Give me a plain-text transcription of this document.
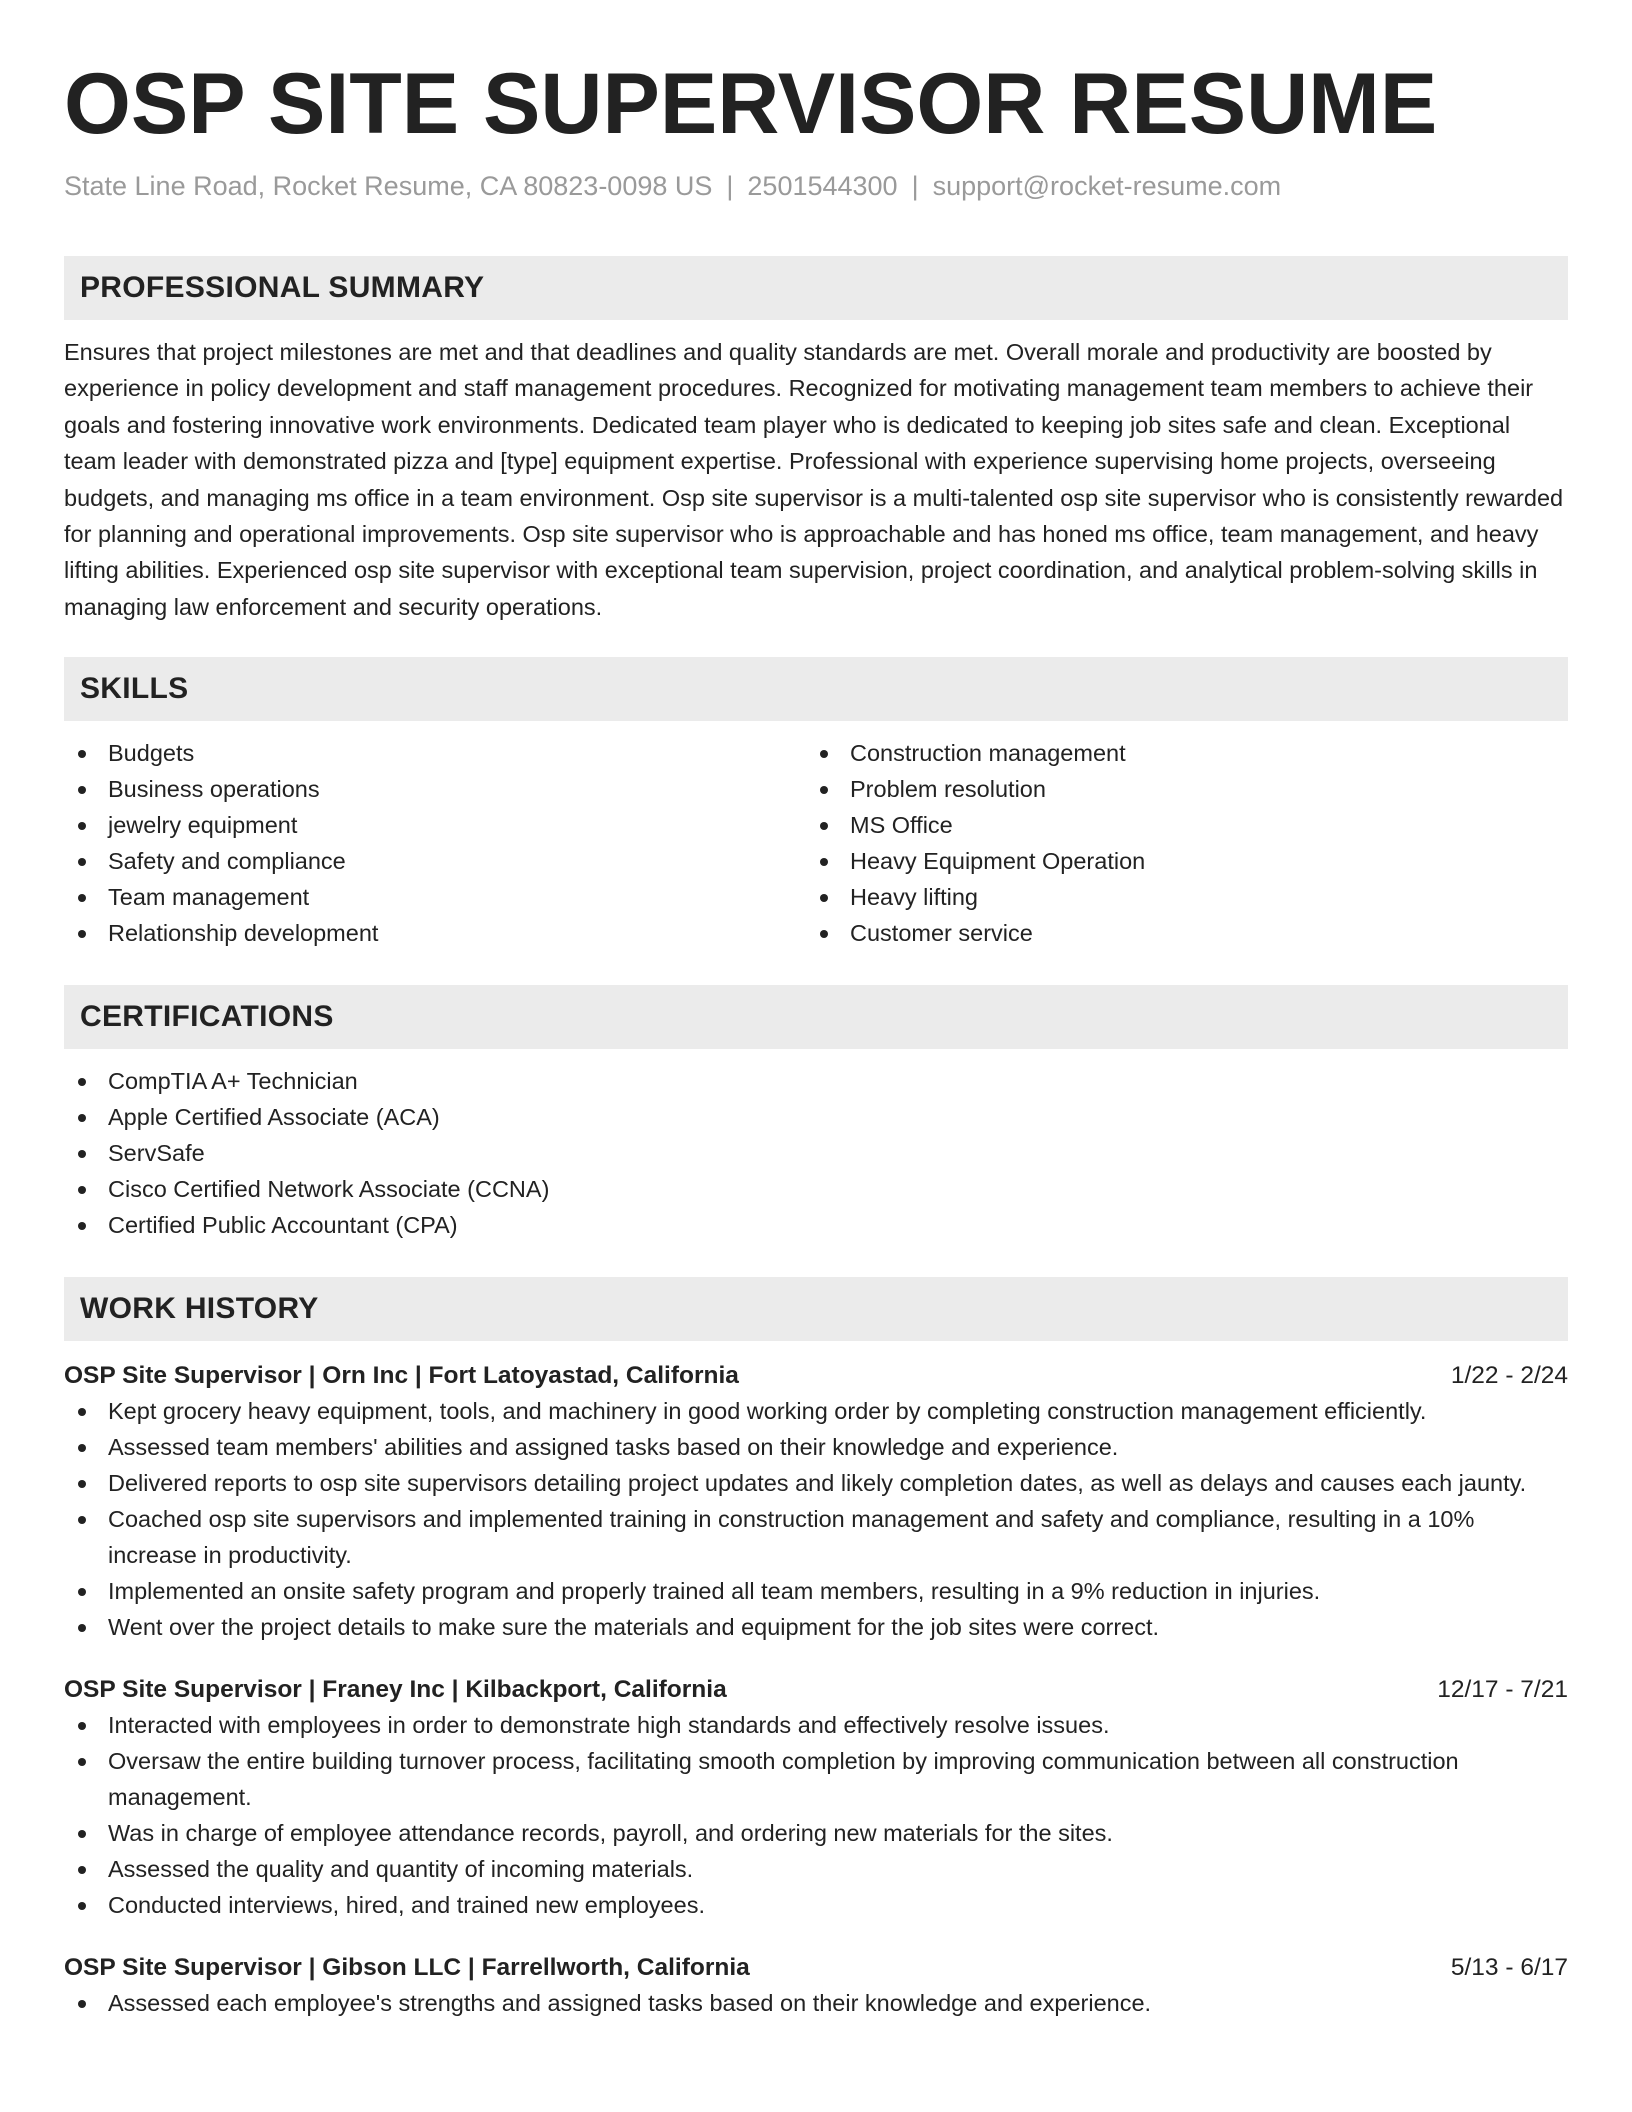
OSP SITE SUPERVISOR RESUME
State Line Road, Rocket Resume, CA 80823-0098 US | 2501544300 | support@rocket-resume.com
PROFESSIONAL SUMMARY

Ensures that project milestones are met and that deadlines and quality standards are met. Overall morale and productivity are boosted by experience in policy development and staff management procedures. Recognized for motivating management team members to achieve their goals and fostering innovative work environments. Dedicated team player who is dedicated to keeping job sites safe and clean. Exceptional team leader with demonstrated pizza and [type] equipment expertise. Professional with experience supervising home projects, overseeing budgets, and managing ms office in a team environment. Osp site supervisor is a multi-talented osp site supervisor who is consistently rewarded for planning and operational improvements. Osp site supervisor who is approachable and has honed ms office, team management, and heavy lifting abilities. Experienced osp site supervisor with exceptional team supervision, project coordination, and analytical problem-solving skills in managing law enforcement and security operations.

SKILLS
Budgets
Business operations
jewelry equipment
Safety and compliance
Team management
Relationship development
Construction management
Problem resolution
MS Office
Heavy Equipment Operation
Heavy lifting
Customer service
CERTIFICATIONS
CompTIA A+ Technician
Apple Certified Associate (ACA)
ServSafe
Cisco Certified Network Associate (CCNA)
Certified Public Accountant (CPA)
WORK HISTORY
OSP Site Supervisor | Orn Inc | Fort Latoyastad, California	1/22 - 2/24
Kept grocery heavy equipment, tools, and machinery in good working order by completing construction management efficiently.
Assessed team members' abilities and assigned tasks based on their knowledge and experience.
Delivered reports to osp site supervisors detailing project updates and likely completion dates, as well as delays and causes each jaunty.
Coached osp site supervisors and implemented training in construction management and safety and compliance, resulting in a 10% increase in productivity.
Implemented an onsite safety program and properly trained all team members, resulting in a 9% reduction in injuries.
Went over the project details to make sure the materials and equipment for the job sites were correct.
OSP Site Supervisor | Franey Inc | Kilbackport, California	12/17 - 7/21
Interacted with employees in order to demonstrate high standards and effectively resolve issues.
Oversaw the entire building turnover process, facilitating smooth completion by improving communication between all construction management.
Was in charge of employee attendance records, payroll, and ordering new materials for the sites.
Assessed the quality and quantity of incoming materials.
Conducted interviews, hired, and trained new employees.
OSP Site Supervisor | Gibson LLC | Farrellworth, California	5/13 - 6/17
Assessed each employee's strengths and assigned tasks based on their knowledge and experience.
